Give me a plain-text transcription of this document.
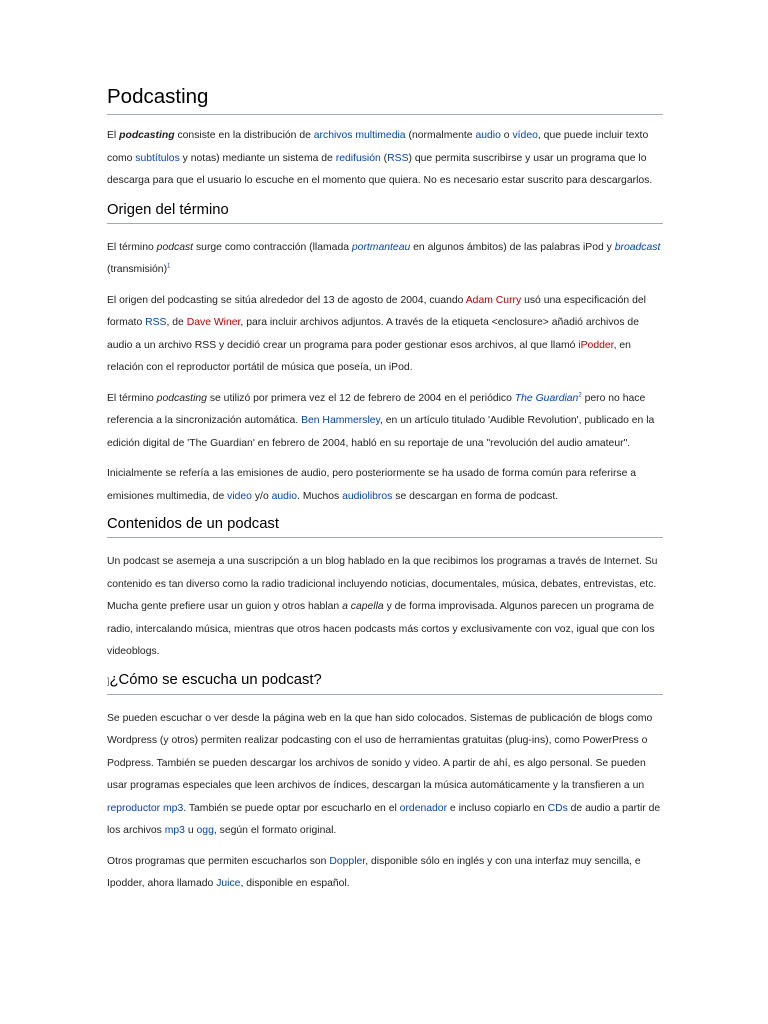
Podcasting

El podcasting consiste en la distribución de archivos multimedia (normalmente audio o vídeo, que puede incluir texto como subtítulos y notas) mediante un sistema de redifusión (RSS) que permita suscribirse y usar un programa que lo descarga para que el usuario lo escuche en el momento que quiera. No es necesario estar suscrito para descargarlos.

Origen del término

El término podcast surge como contracción (llamada portmanteau en algunos ámbitos) de las palabras iPod y broadcast (transmisión)$^1$

El origen del podcasting se sitúa alrededor del 13 de agosto de 2004, cuando Adam Curry usó una especificación del formato RSS, de Dave Winer, para incluir archivos adjuntos. A través de la etiqueta <enclosure> añadió archivos de audio a un archivo RSS y decidió crear un programa para poder gestionar esos archivos, al que llamó iPodder, en relación con el reproductor portátil de música que poseía, un iPod.

El término podcasting se utilizó por primera vez el 12 de febrero de 2004 en el periódico The Guardian$^2$ pero no hace referencia a la sincronización automática. Ben Hammersley, en un artículo titulado 'Audible Revolution', publicado en la edición digital de 'The Guardian' en febrero de 2004, habló en su reportaje de una "revolución del audio amateur".

Inicialmente se refería a las emisiones de audio, pero posteriormente se ha usado de forma común para referirse a emisiones multimedia, de video y/o audio. Muchos audiolibros se descargan en forma de podcast.

Contenidos de un podcast

Un podcast se asemeja a una suscripción a un blog hablado en la que recibimos los programas a través de Internet. Su contenido es tan diverso como la radio tradicional incluyendo noticias, documentales, música, debates, entrevistas, etc. Mucha gente prefiere usar un guion y otros hablan a capella y de forma improvisada. Algunos parecen un programa de radio, intercalando música, mientras que otros hacen podcasts más cortos y exclusivamente con voz, igual que con los videoblogs.

]¿Cómo se escucha un podcast?

Se pueden escuchar o ver desde la página web en la que han sido colocados. Sistemas de publicación de blogs como Wordpress (y otros) permiten realizar podcasting con el uso de herramientas gratuitas (plug-ins), como PowerPress o Podpress. También se pueden descargar los archivos de sonido y video. A partir de ahí, es algo personal. Se pueden usar programas especiales que leen archivos de índices, descargan la música automáticamente y la transfieren a un reproductor mp3. También se puede optar por escucharlo en el ordenador e incluso copiarlo en CDs de audio a partir de los archivos mp3 u ogg, según el formato original.

Otros programas que permiten escucharlos son Doppler, disponible sólo en inglés y con una interfaz muy sencilla, e Ipodder, ahora llamado Juice, disponible en español.
